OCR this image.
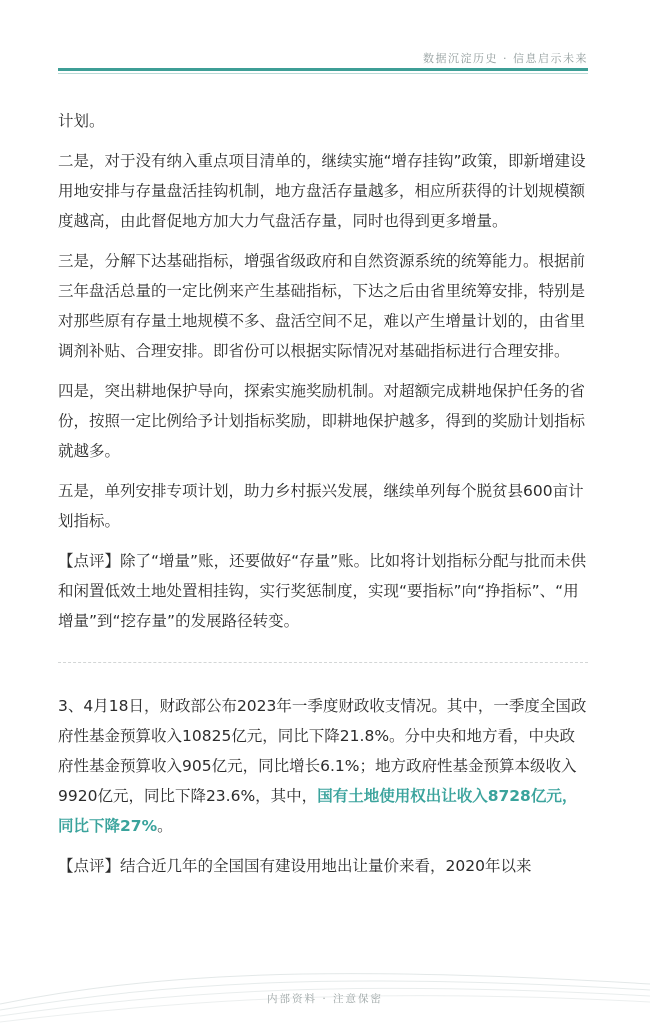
数据沉淀历史 · 信息启示未来

计划。

二是，对于没有纳入重点项目清单的，继续实施“增存挂钩”政策，即新增建设用地安排与存量盘活挂钩机制，地方盘活存量越多，相应所获得的计划规模额度越高，由此督促地方加大力气盘活存量，同时也得到更多增量。

三是，分解下达基础指标，增强省级政府和自然资源系统的统筹能力。根据前三年盘活总量的一定比例来产生基础指标，下达之后由省里统筹安排，特别是对那些原有存量土地规模不多、盘活空间不足，难以产生增量计划的，由省里调剂补贴、合理安排。即省份可以根据实际情况对基础指标进行合理安排。

四是，突出耕地保护导向，探索实施奖励机制。对超额完成耕地保护任务的省份，按照一定比例给予计划指标奖励，即耕地保护越多，得到的奖励计划指标就越多。

五是，单列安排专项计划，助力乡村振兴发展，继续单列每个脱贫县600亩计划指标。

【点评】除了“增量”账，还要做好“存量”账。比如将计划指标分配与批而未供和闲置低效土地处置相挂钩，实行奖惩制度，实现“要指标”向“挣指标”、“用增量”到“挖存量”的发展路径转变。

3、4月18日，财政部公布2023年一季度财政收支情况。其中，一季度全国政府性基金预算收入10825亿元，同比下降21.8%。分中央和地方看，中央政府性基金预算收入905亿元，同比增长6.1%；地方政府性基金预算本级收入9920亿元，同比下降23.6%，其中，国有土地使用权出让收入8728亿元，同比下降27%。

【点评】结合近几年的全国国有建设用地出让量价来看，2020年以来

内部资料 · 注意保密
